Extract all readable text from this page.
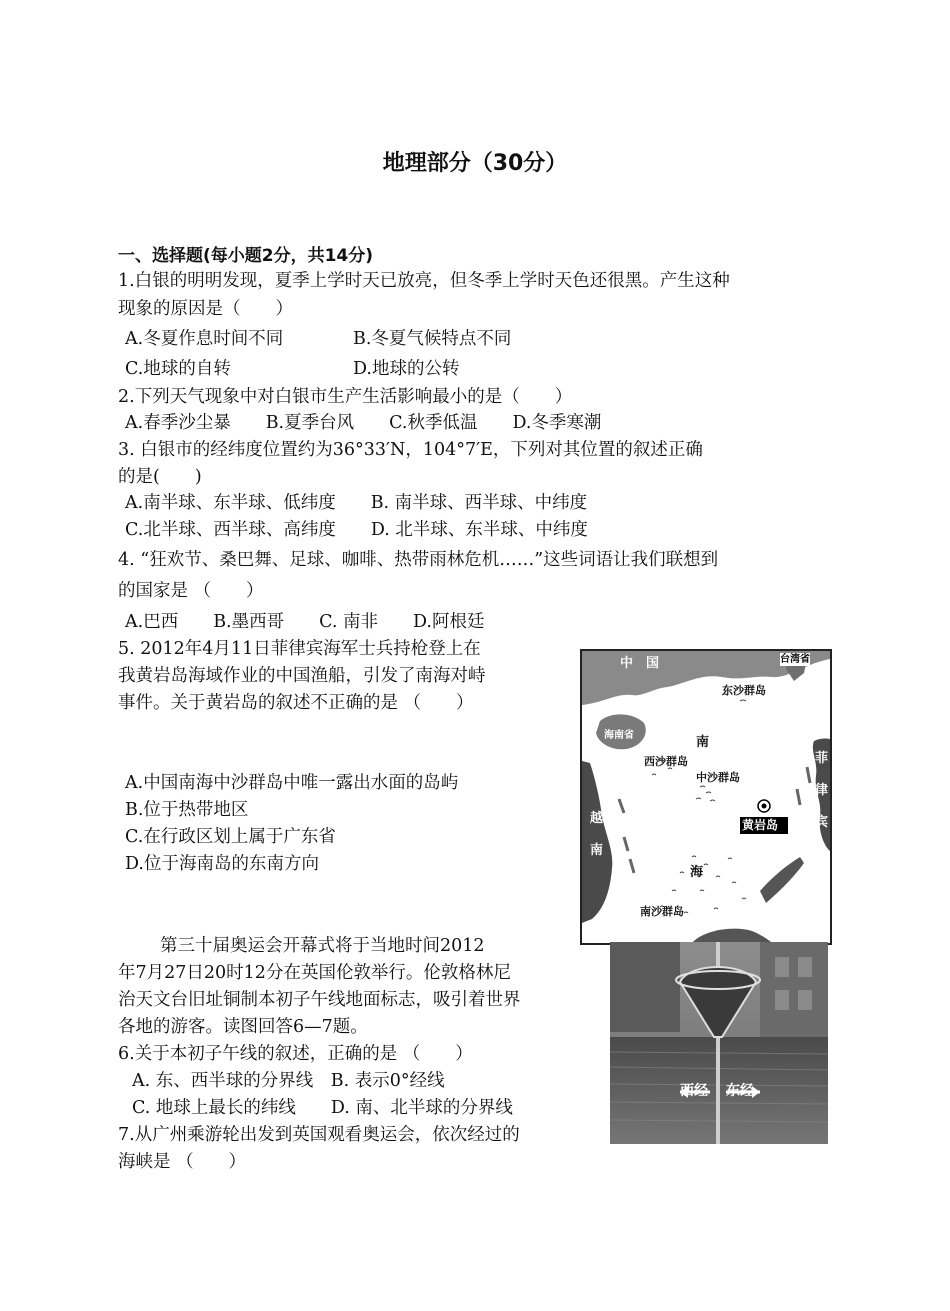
地理部分（30分）
一、选择题(每小题2分，共14分)
1.白银的明明发现，夏季上学时天已放亮，但冬季上学时天色还很黑。产生这种
现象的原因是（　　）
A.冬夏作息时间不同	B.冬夏气候特点不同
C.地球的自转	D.地球的公转
2.下列天气现象中对白银市生产生活影响最小的是（　　）
A.春季沙尘暴　　B.夏季台风　　C.秋季低温　　D.冬季寒潮
3. 白银市的经纬度位置约为36°33′N，104°7′E，下列对其位置的叙述正确
的是(　　)
A.南半球、东半球、低纬度　　B. 南半球、西半球、中纬度
C.北半球、西半球、高纬度　　D. 北半球、东半球、中纬度
4. “狂欢节、桑巴舞、足球、咖啡、热带雨林危机……”这些词语让我们联想到
的国家是 （　　）
A.巴西　　B.墨西哥　　C. 南非　　D.阿根廷
5. 2012年4月11日菲律宾海军士兵持枪登上在
我黄岩岛海域作业的中国渔船，引发了南海对峙
事件。关于黄岩岛的叙述不正确的是 （　　）
A.中国南海中沙群岛中唯一露出水面的岛屿
B.位于热带地区
C.在行政区划上属于广东省
D.位于海南岛的东南方向
中　国	台湾省
东沙群岛
海南省	南
西沙群岛
中沙群岛
黄岩岛
越
南
海
南沙群岛
菲
律
宾
第三十届奥运会开幕式将于当地时间2012
年7月27日20时12分在英国伦敦举行。伦敦格林尼
治天文台旧址铜制本初子午线地面标志，吸引着世界
各地的游客。读图回答6—7题。
6.关于本初子午线的叙述，正确的是 （　　）
A. 东、西半球的分界线　B. 表示0°经线
C. 地球上最长的纬线　　D. 南、北半球的分界线
7.从广州乘游轮出发到英国观看奥运会，依次经过的
海峡是 （　　）
西经 东经
